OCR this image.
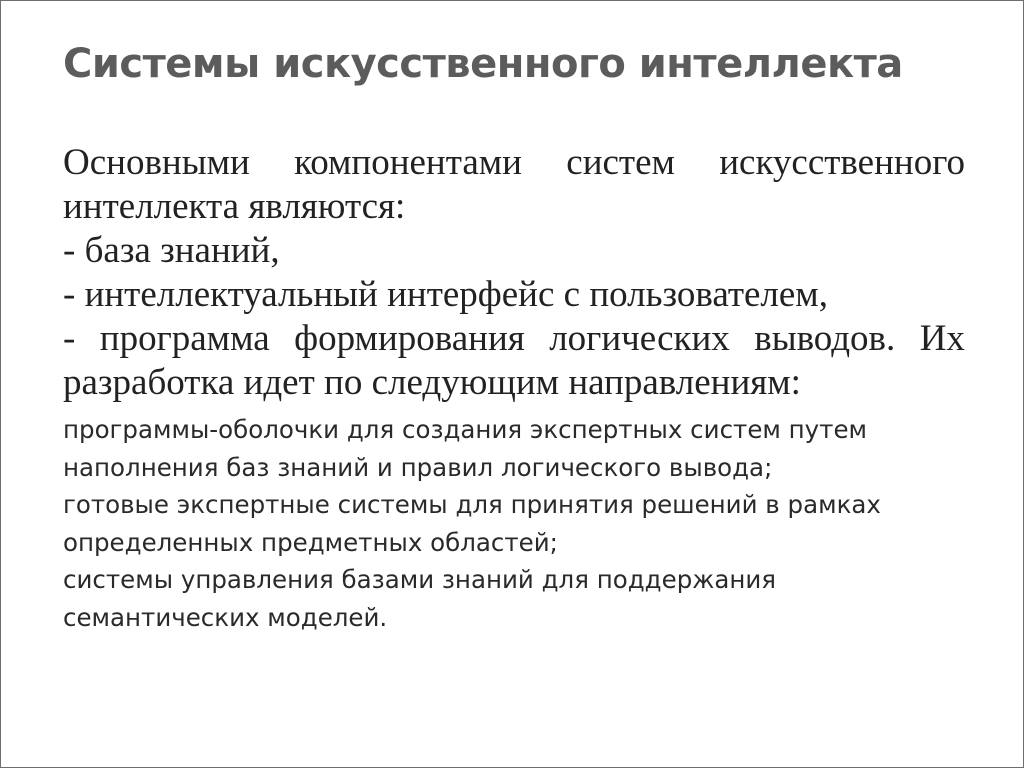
Системы искусственного интеллекта
Основными компонентами систем искусственного
интеллекта являются:
- база знаний,
- интеллектуальный интерфейс с пользователем,
- программа формирования логических выводов. Их
разработка идет по следующим направлениям:

программы-оболочки для создания экспертных систем путем

наполнения баз знаний и правил логического вывода;

готовые экспертные системы для принятия решений в рамках

определенных предметных областей;

системы управления базами знаний для поддержания

семантических моделей.
